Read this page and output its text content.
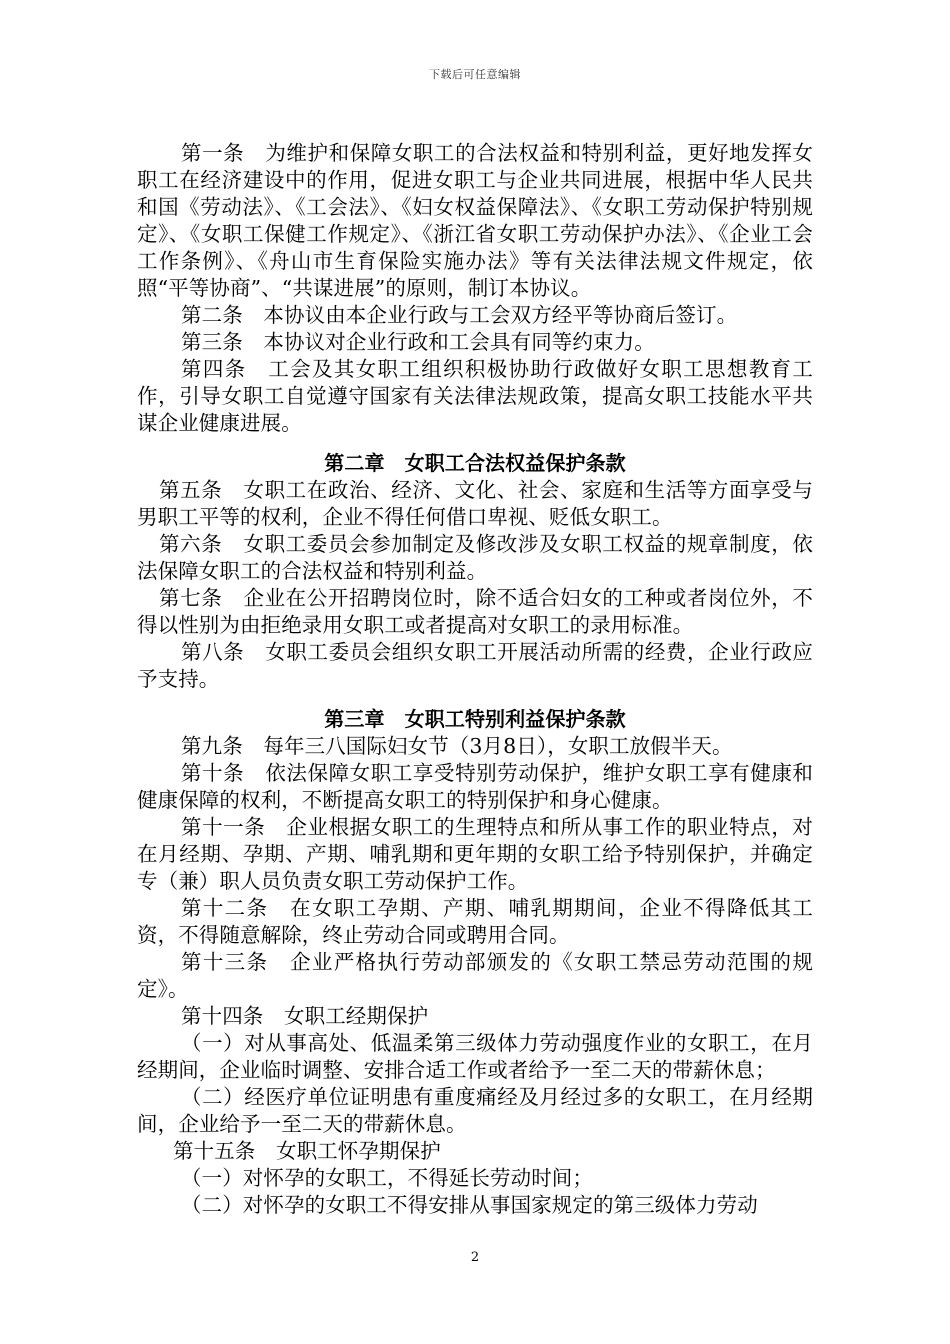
下载后可任意编辑

第一条　为维护和保障女职工的合法权益和特别利益，更好地发挥女职工在经济建设中的作用，促进女职工与企业共同进展，根据中华人民共和国《劳动法》、《工会法》、《妇女权益保障法》、《女职工劳动保护特别规定》、《女职工保健工作规定》、《浙江省女职工劳动保护办法》、《企业工会工作条例》、《舟山市生育保险实施办法》等有关法律法规文件规定，依照“平等协商”、“共谋进展”的原则，制订本协议。

第二条　本协议由本企业行政与工会双方经平等协商后签订。

第三条　本协议对企业行政和工会具有同等约束力。

第四条　工会及其女职工组织积极协助行政做好女职工思想教育工作，引导女职工自觉遵守国家有关法律法规政策，提高女职工技能水平共谋企业健康进展。

第二章　女职工合法权益保护条款

第五条　女职工在政治、经济、文化、社会、家庭和生活等方面享受与男职工平等的权利，企业不得任何借口卑视、贬低女职工。

第六条　女职工委员会参加制定及修改涉及女职工权益的规章制度，依法保障女职工的合法权益和特别利益。

第七条　企业在公开招聘岗位时，除不适合妇女的工种或者岗位外，不得以性别为由拒绝录用女职工或者提高对女职工的录用标准。

第八条　女职工委员会组织女职工开展活动所需的经费，企业行政应予支持。

第三章　女职工特别利益保护条款

第九条　每年三八国际妇女节（3月8日），女职工放假半天。

第十条　依法保障女职工享受特别劳动保护，维护女职工享有健康和健康保障的权利，不断提高女职工的特别保护和身心健康。

第十一条　企业根据女职工的生理特点和所从事工作的职业特点，对在月经期、孕期、产期、哺乳期和更年期的女职工给予特别保护，并确定专（兼）职人员负责女职工劳动保护工作。

第十二条　在女职工孕期、产期、哺乳期期间，企业不得降低其工资，不得随意解除，终止劳动合同或聘用合同。

第十三条　企业严格执行劳动部颁发的《女职工禁忌劳动范围的规定》。

第十四条　女职工经期保护

（一）对从事高处、低温柔第三级体力劳动强度作业的女职工，在月经期间，企业临时调整、安排合适工作或者给予一至二天的带薪休息；

（二）经医疗单位证明患有重度痛经及月经过多的女职工，在月经期间，企业给予一至二天的带薪休息。

第十五条　女职工怀孕期保护

（一）对怀孕的女职工，不得延长劳动时间；

（二）对怀孕的女职工不得安排从事国家规定的第三级体力劳动

2
